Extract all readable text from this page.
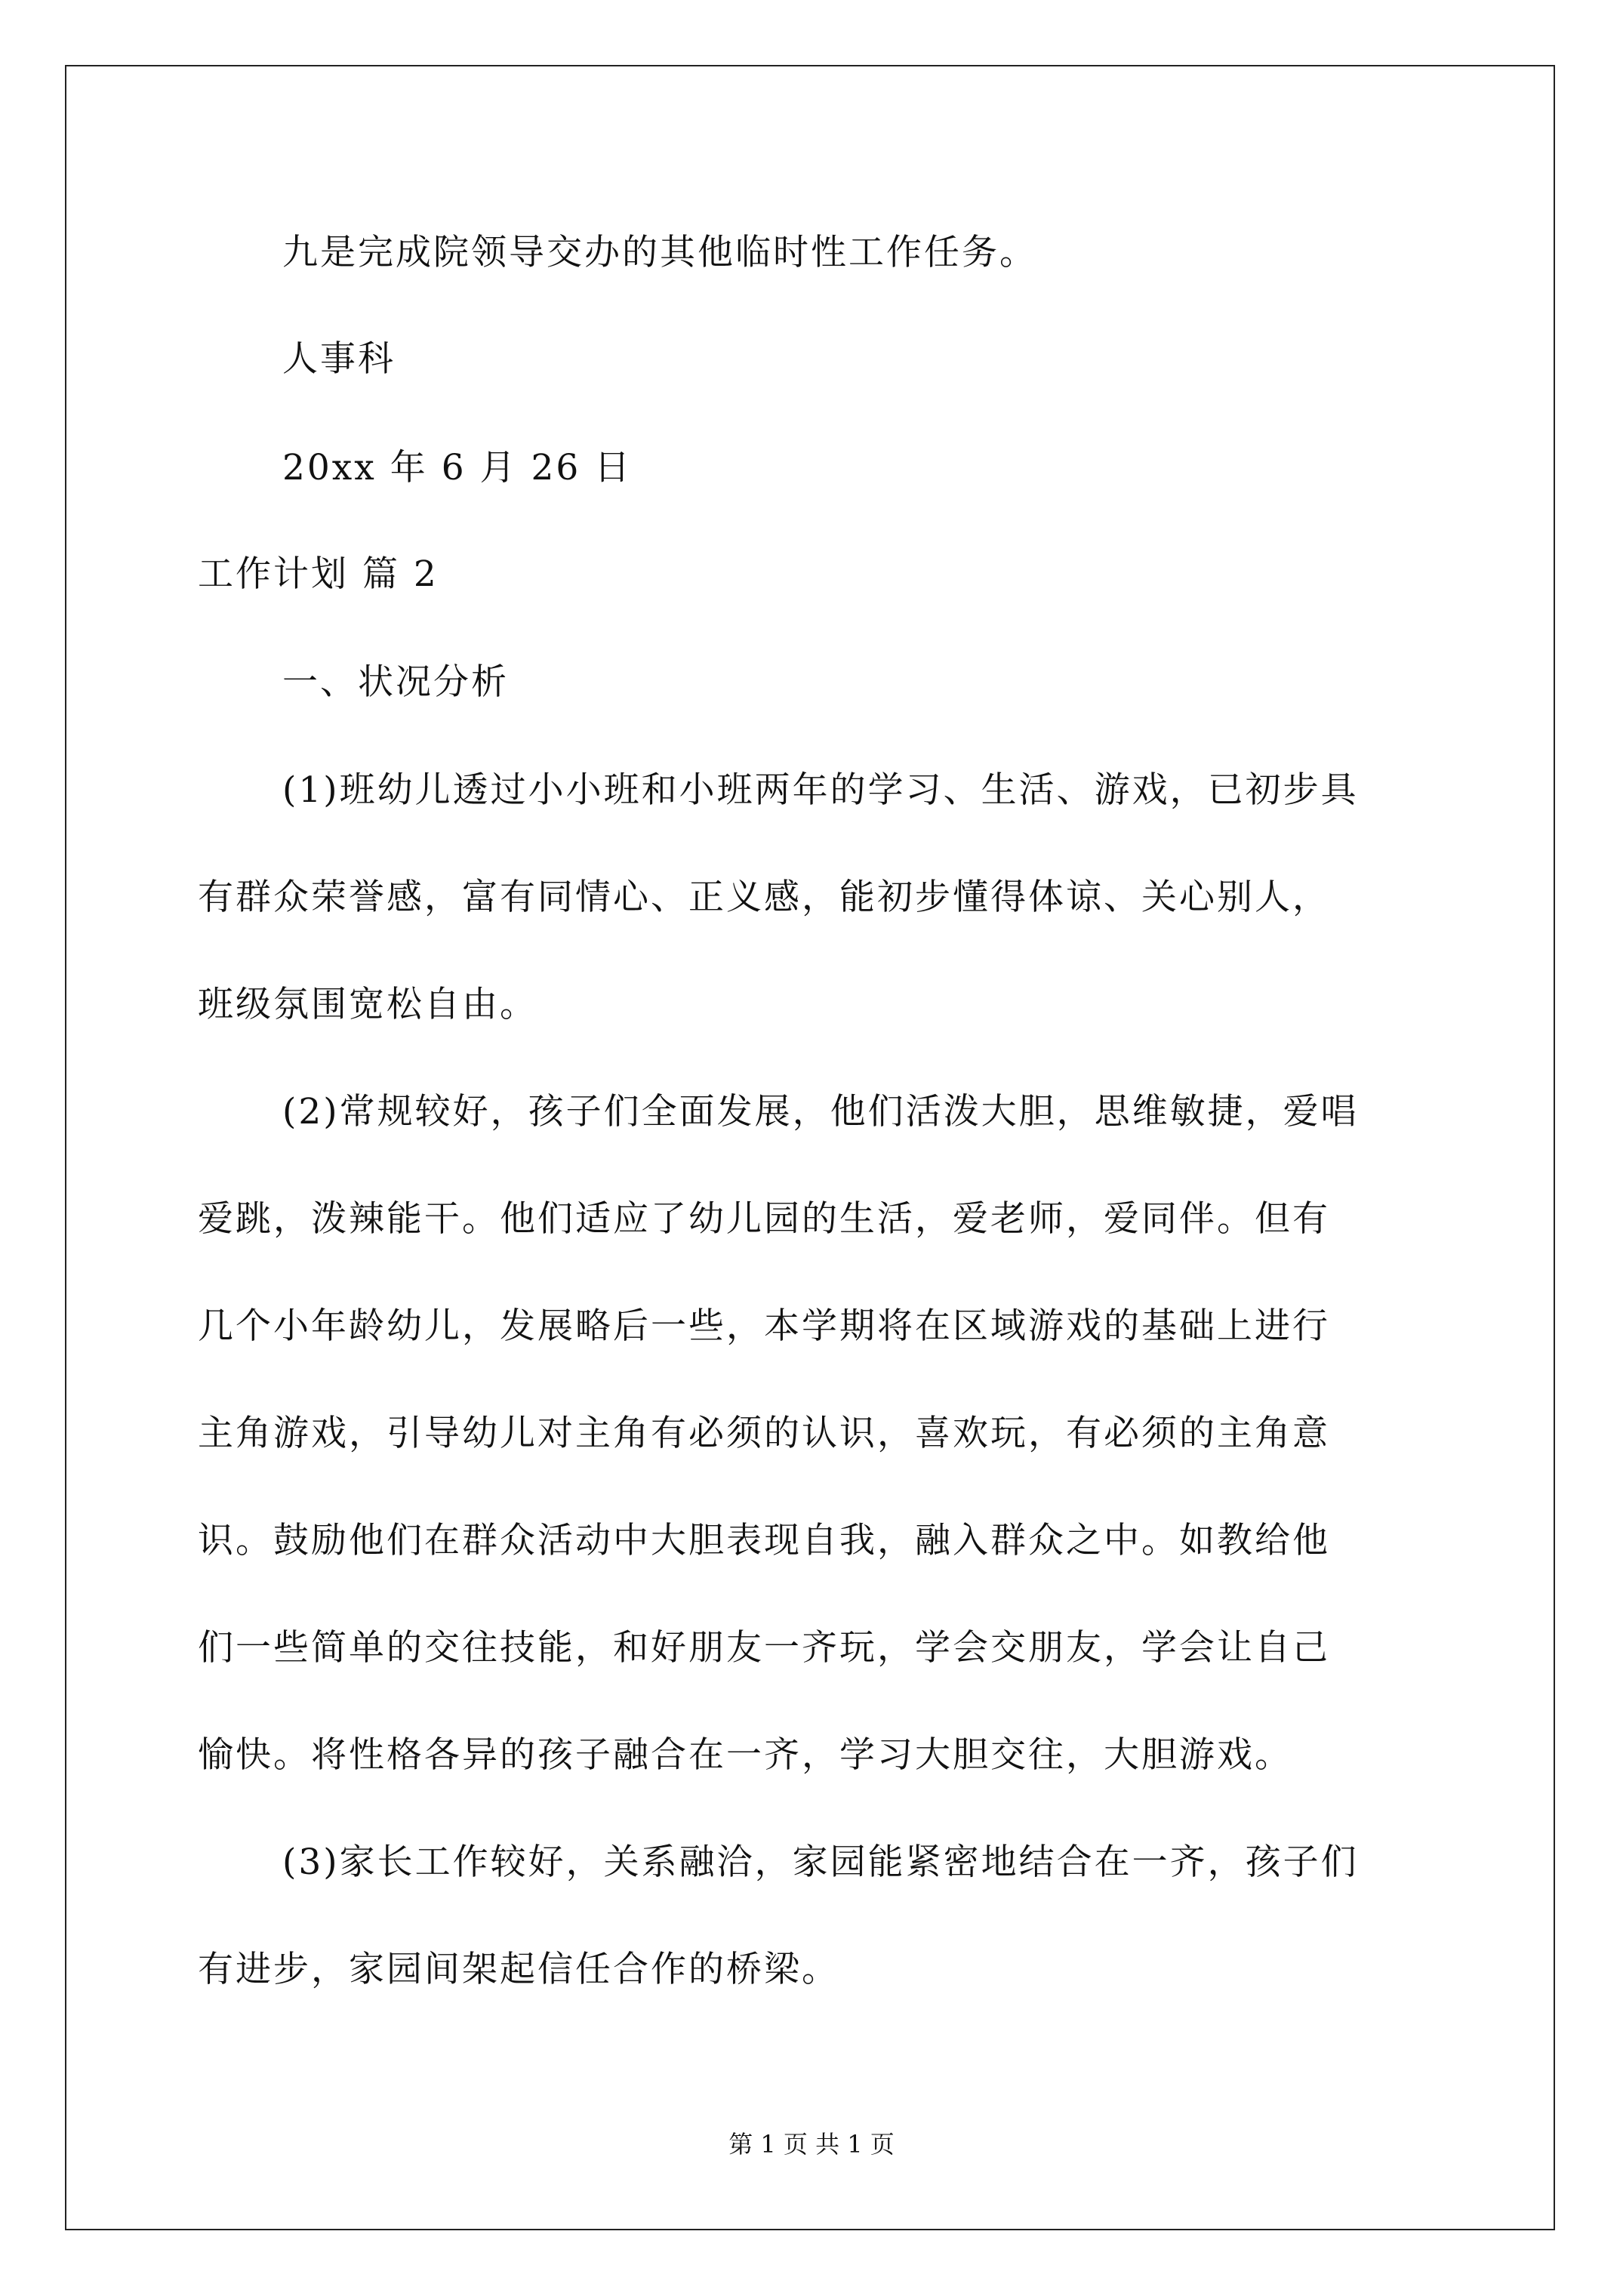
九是完成院领导交办的其他临时性工作任务。
人事科
20xx 年 6 月 26 日
工作计划 篇 2
一、状况分析
(1)班幼儿透过小小班和小班两年的学习、生活、游戏，已初步具
有群众荣誉感，富有同情心、正义感，能初步懂得体谅、关心别人，
班级氛围宽松自由。
(2)常规较好，孩子们全面发展，他们活泼大胆，思维敏捷，爱唱
爱跳，泼辣能干。他们适应了幼儿园的生活，爱老师，爱同伴。但有
几个小年龄幼儿，发展略后一些，本学期将在区域游戏的基础上进行
主角游戏，引导幼儿对主角有必须的认识，喜欢玩，有必须的主角意
识。鼓励他们在群众活动中大胆表现自我，融入群众之中。如教给他
们一些简单的交往技能，和好朋友一齐玩，学会交朋友，学会让自己
愉快。将性格各异的孩子融合在一齐，学习大胆交往，大胆游戏。
(3)家长工作较好，关系融洽，家园能紧密地结合在一齐，孩子们
有进步，家园间架起信任合作的桥梁。
第 1 页 共 1 页
